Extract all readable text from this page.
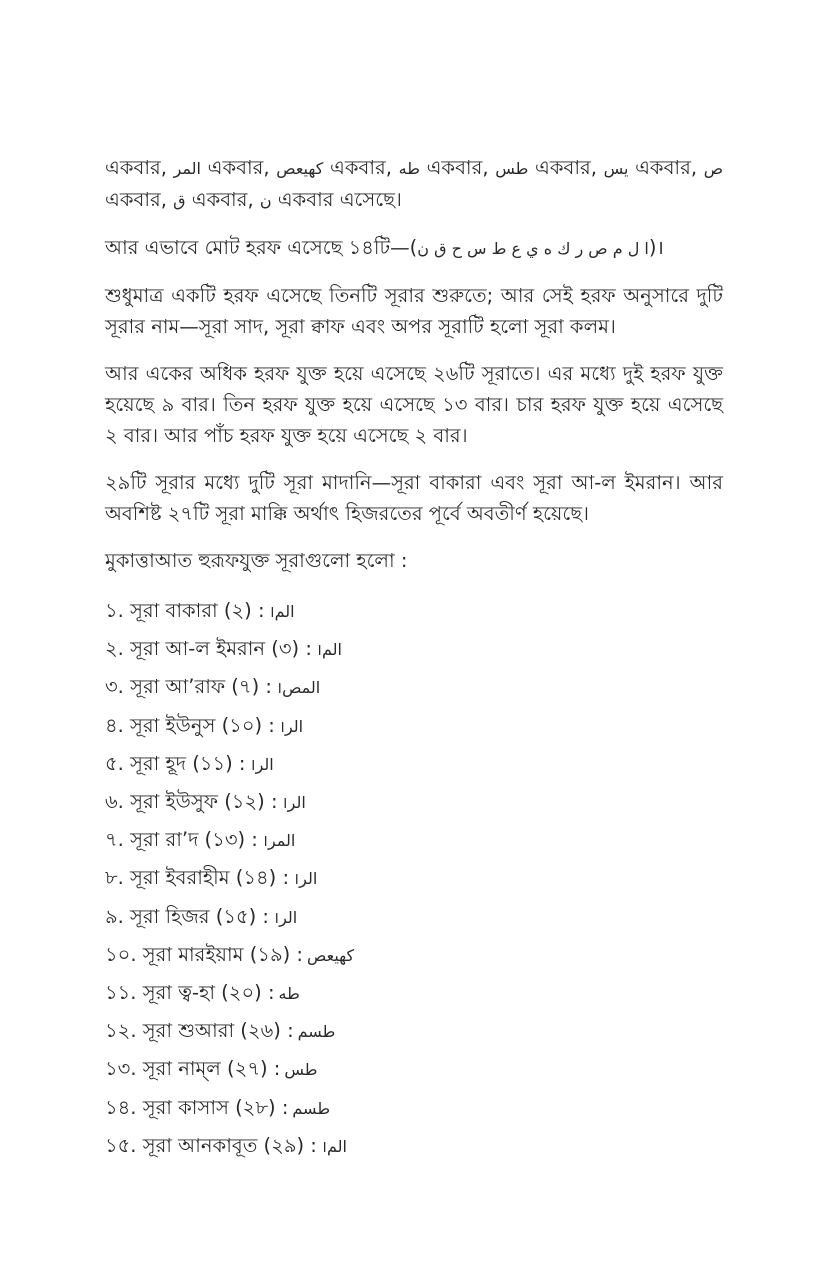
একবার, المر একবার, كهيعص একবার, طه একবার, طس একবার, يس একবার, ص একবার, ق একবার, ن একবার এসেছে।

আর এভাবে মোট হরফ এসেছে ১৪টি—(ا ل م ص ر ك ه ي ع ط س ح ق ن)।

শুধুমাত্র একটি হরফ এসেছে তিনটি সূরার শুরুতে; আর সেই হরফ অনুসারে দুটি সূরার নাম—সূরা সাদ, সূরা ক্বাফ এবং অপর সূরাটি হলো সূরা কলম।

আর একের অধিক হরফ যুক্ত হয়ে এসেছে ২৬টি সূরাতে। এর মধ্যে দুই হরফ যুক্ত হয়েছে ৯ বার। তিন হরফ যুক্ত হয়ে এসেছে ১৩ বার। চার হরফ যুক্ত হয়ে এসেছে ২ বার। আর পাঁচ হরফ যুক্ত হয়ে এসেছে ২ বার।

২৯টি সূরার মধ্যে দুটি সূরা মাদানি—সূরা বাকারা এবং সূরা আ-ল ইমরান। আর অবশিষ্ট ২৭টি সূরা মাক্কি অর্থাৎ হিজরতের পূর্বে অবতীর্ণ হয়েছে।

মুকাত্তাআত হুরূফযুক্ত সূরাগুলো হলো :

১. সূরা বাকারা (২) : الم।
২. সূরা আ-ল ইমরান (৩) : الم।
৩. সূরা আ’রাফ (৭) : المص।
৪. সূরা ইউনুস (১০) : الر।
৫. সূরা হূদ (১১) : الر।
৬. সূরা ইউসুফ (১২) : الر।
৭. সূরা রা’দ (১৩) : المر।
৮. সূরা ইবরাহীম (১৪) : الر।
৯. সূরা হিজর (১৫) : الر।
১০. সূরা মারইয়াম (১৯) : كهيعص
১১. সূরা ত্ব-হা (২০) : طه
১২. সূরা শুআরা (২৬) : طسم
১৩. সূরা নাম্‌ল (২৭) : طس
১৪. সূরা কাসাস (২৮) : طسم
১৫. সূরা আনকাবূত (২৯) : الم।
